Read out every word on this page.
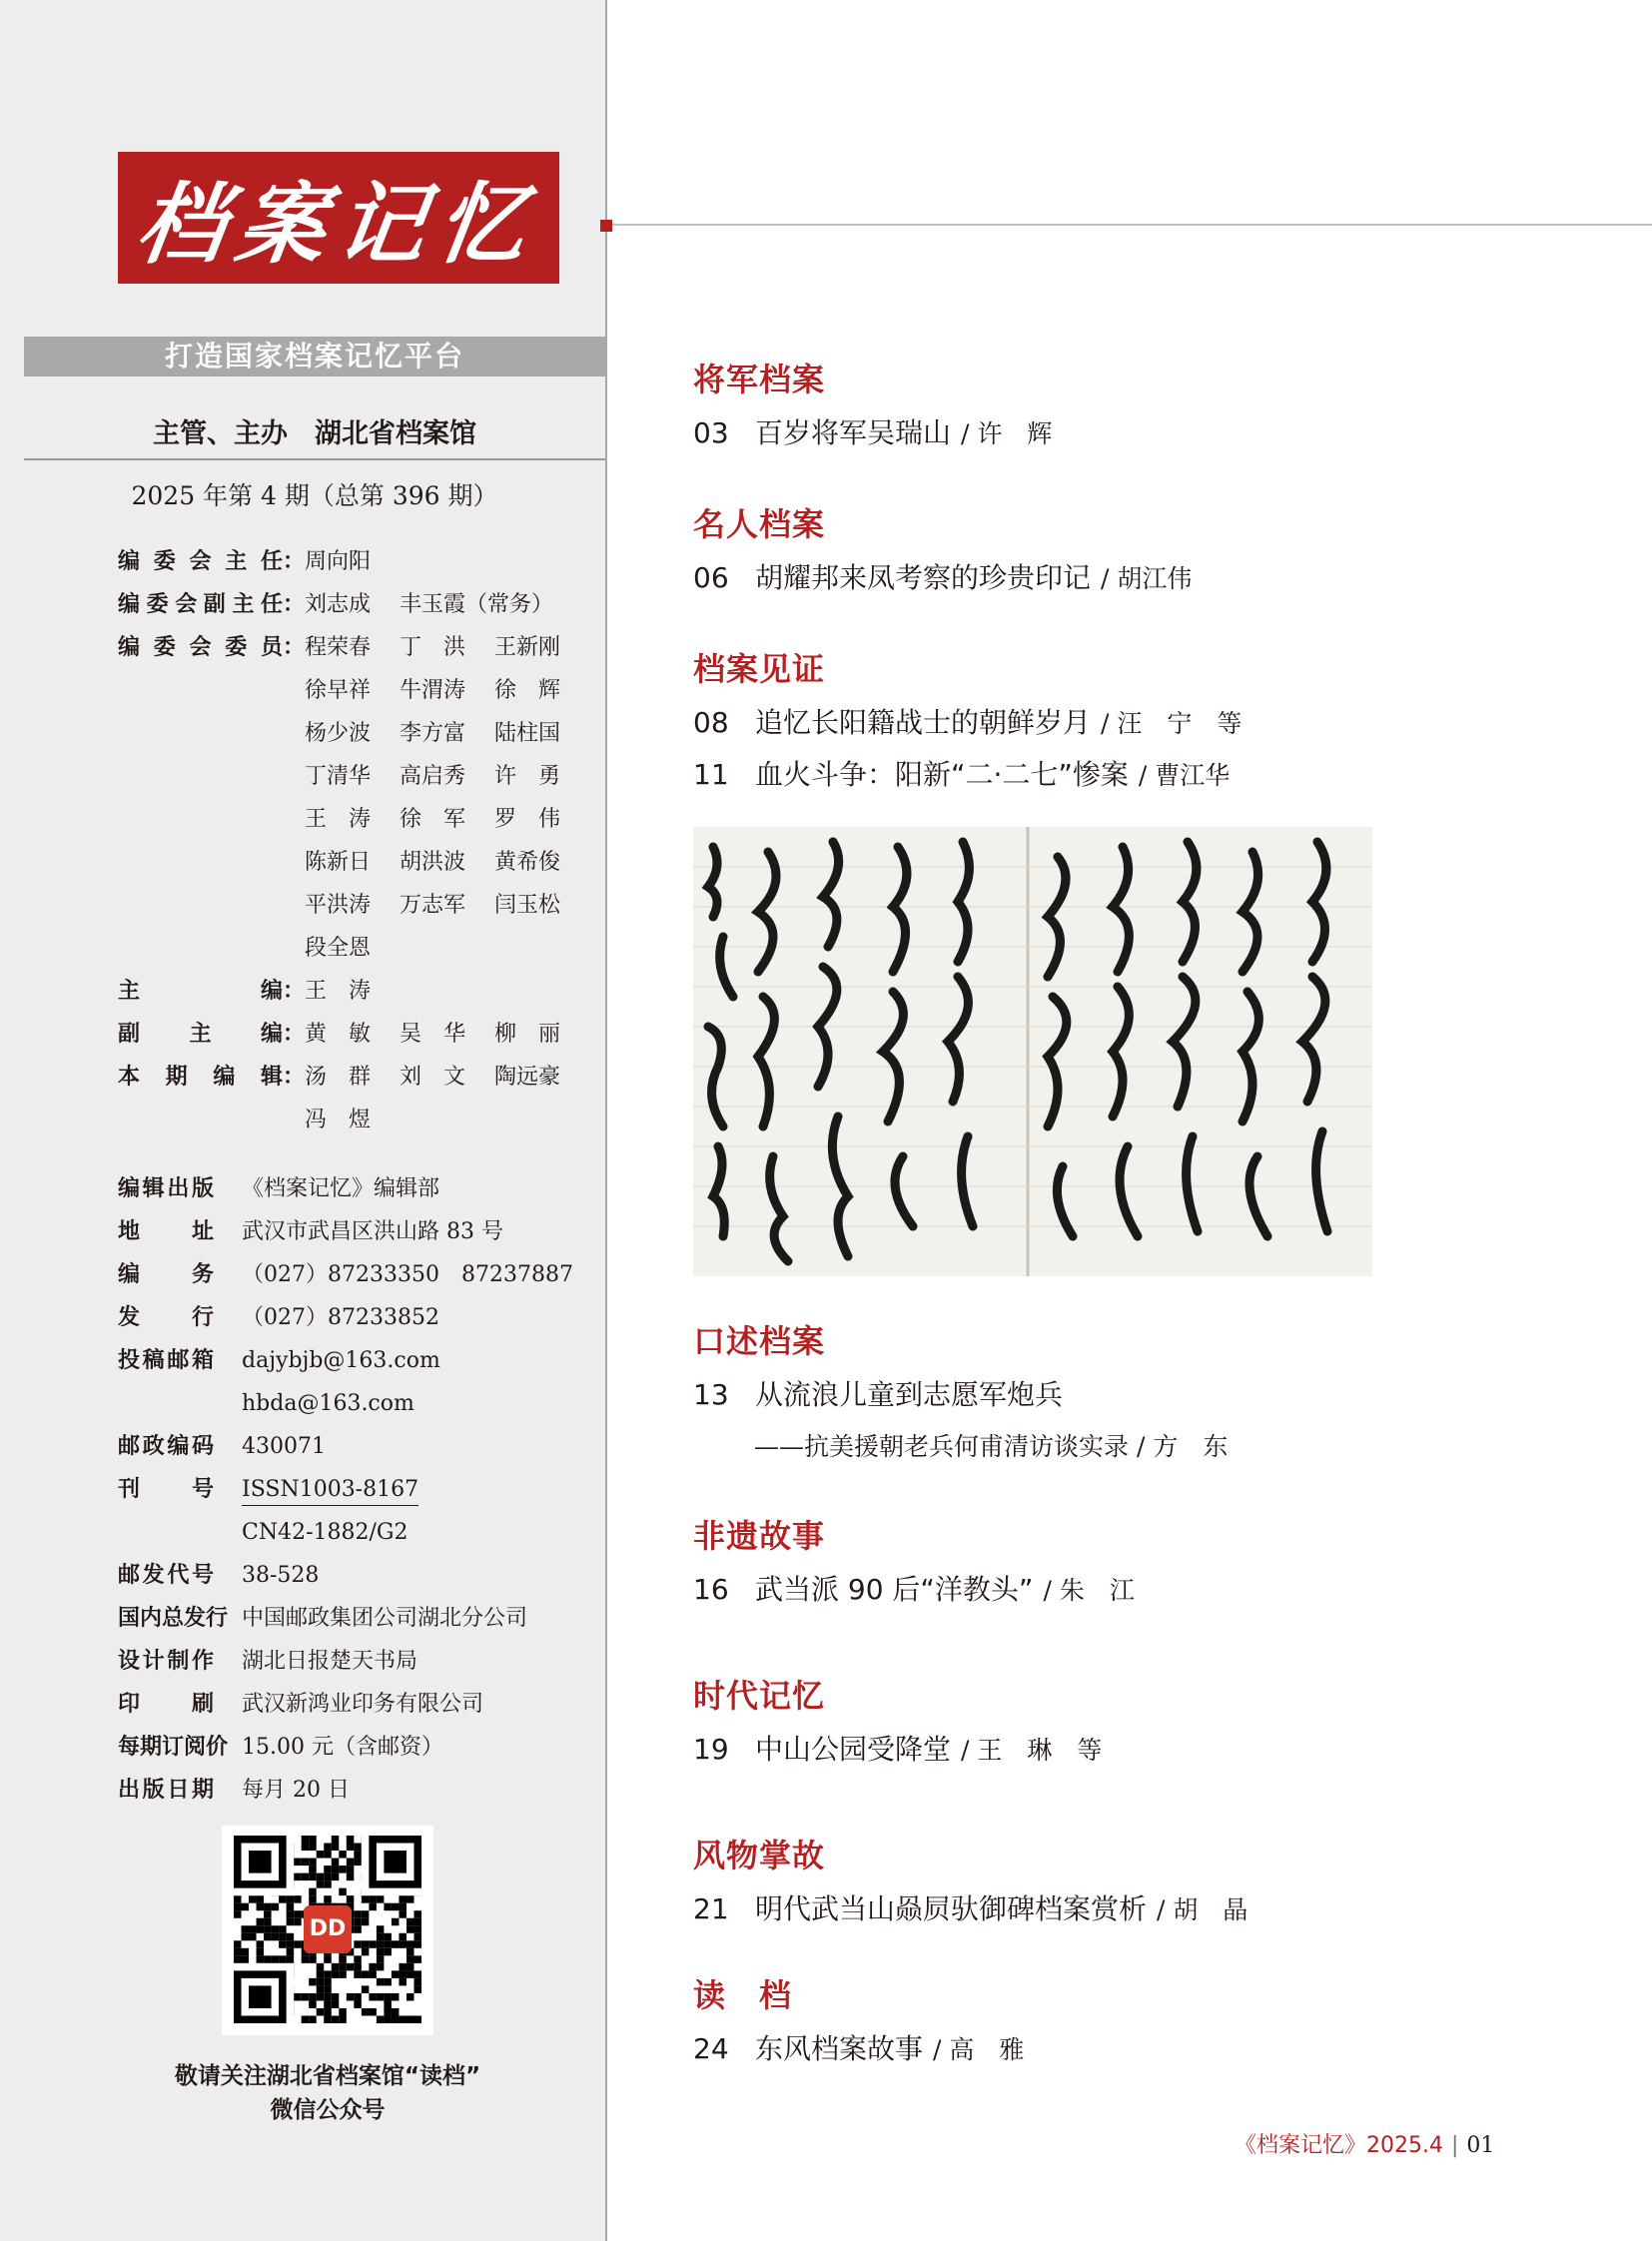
档案记忆
打造国家档案记忆平台
主管、主办　湖北省档案馆
2025 年第 4 期（总第 396 期）
编委会主任：周向阳
编委会副主任：刘志成 丰玉霞（常务）
编委会委员：程荣春 丁　洪 王新刚
　徐早祥 牛渭涛 徐　辉
　杨少波 李方富 陆柱国
　丁清华 高启秀 许　勇
　王　涛 徐　军 罗　伟
　陈新日 胡洪波 黄希俊
　平洪涛 万志军 闫玉松
　段全恩
主编：王　涛
副主编：黄　敏 吴　华 柳　丽
本期编辑：汤　群 刘　文 陶远豪
　冯　煜
编辑出版 《档案记忆》编辑部
地址 武汉市武昌区洪山路 83 号
编务 （027）87233350　87237887
发行 （027）87233852
投稿邮箱 dajybjb@163.com
hbda@163.com
邮政编码 430071
刊号 ISSN1003-8167
CN42-1882/G2
邮发代号 38-528
国内总发行 中国邮政集团公司湖北分公司
设计制作 湖北日报楚天书局
印刷 武汉新鸿业印务有限公司
每期订阅价 15.00 元（含邮资）
出版日期 每月 20 日
DD
敬请关注湖北省档案馆“读档”
微信公众号
将军档案
03 百岁将军吴瑞山 / 许　辉
名人档案
06 胡耀邦来凤考察的珍贵印记 / 胡江伟
档案见证
08 追忆长阳籍战士的朝鲜岁月 / 汪　宁　等
11 血火斗争：阳新“二·二七”惨案 / 曹江华
口述档案
13 从流浪儿童到志愿军炮兵
——抗美援朝老兵何甫清访谈实录 / 方　东
非遗故事
16 武当派 90 后“洋教头” / 朱　江
时代记忆
19 中山公园受降堂 / 王　琳　等
风物掌故
21 明代武当山赑屃驮御碑档案赏析 / 胡　晶
读　档
24 东风档案故事 / 高　雅
《档案记忆》2025.4 | 01
